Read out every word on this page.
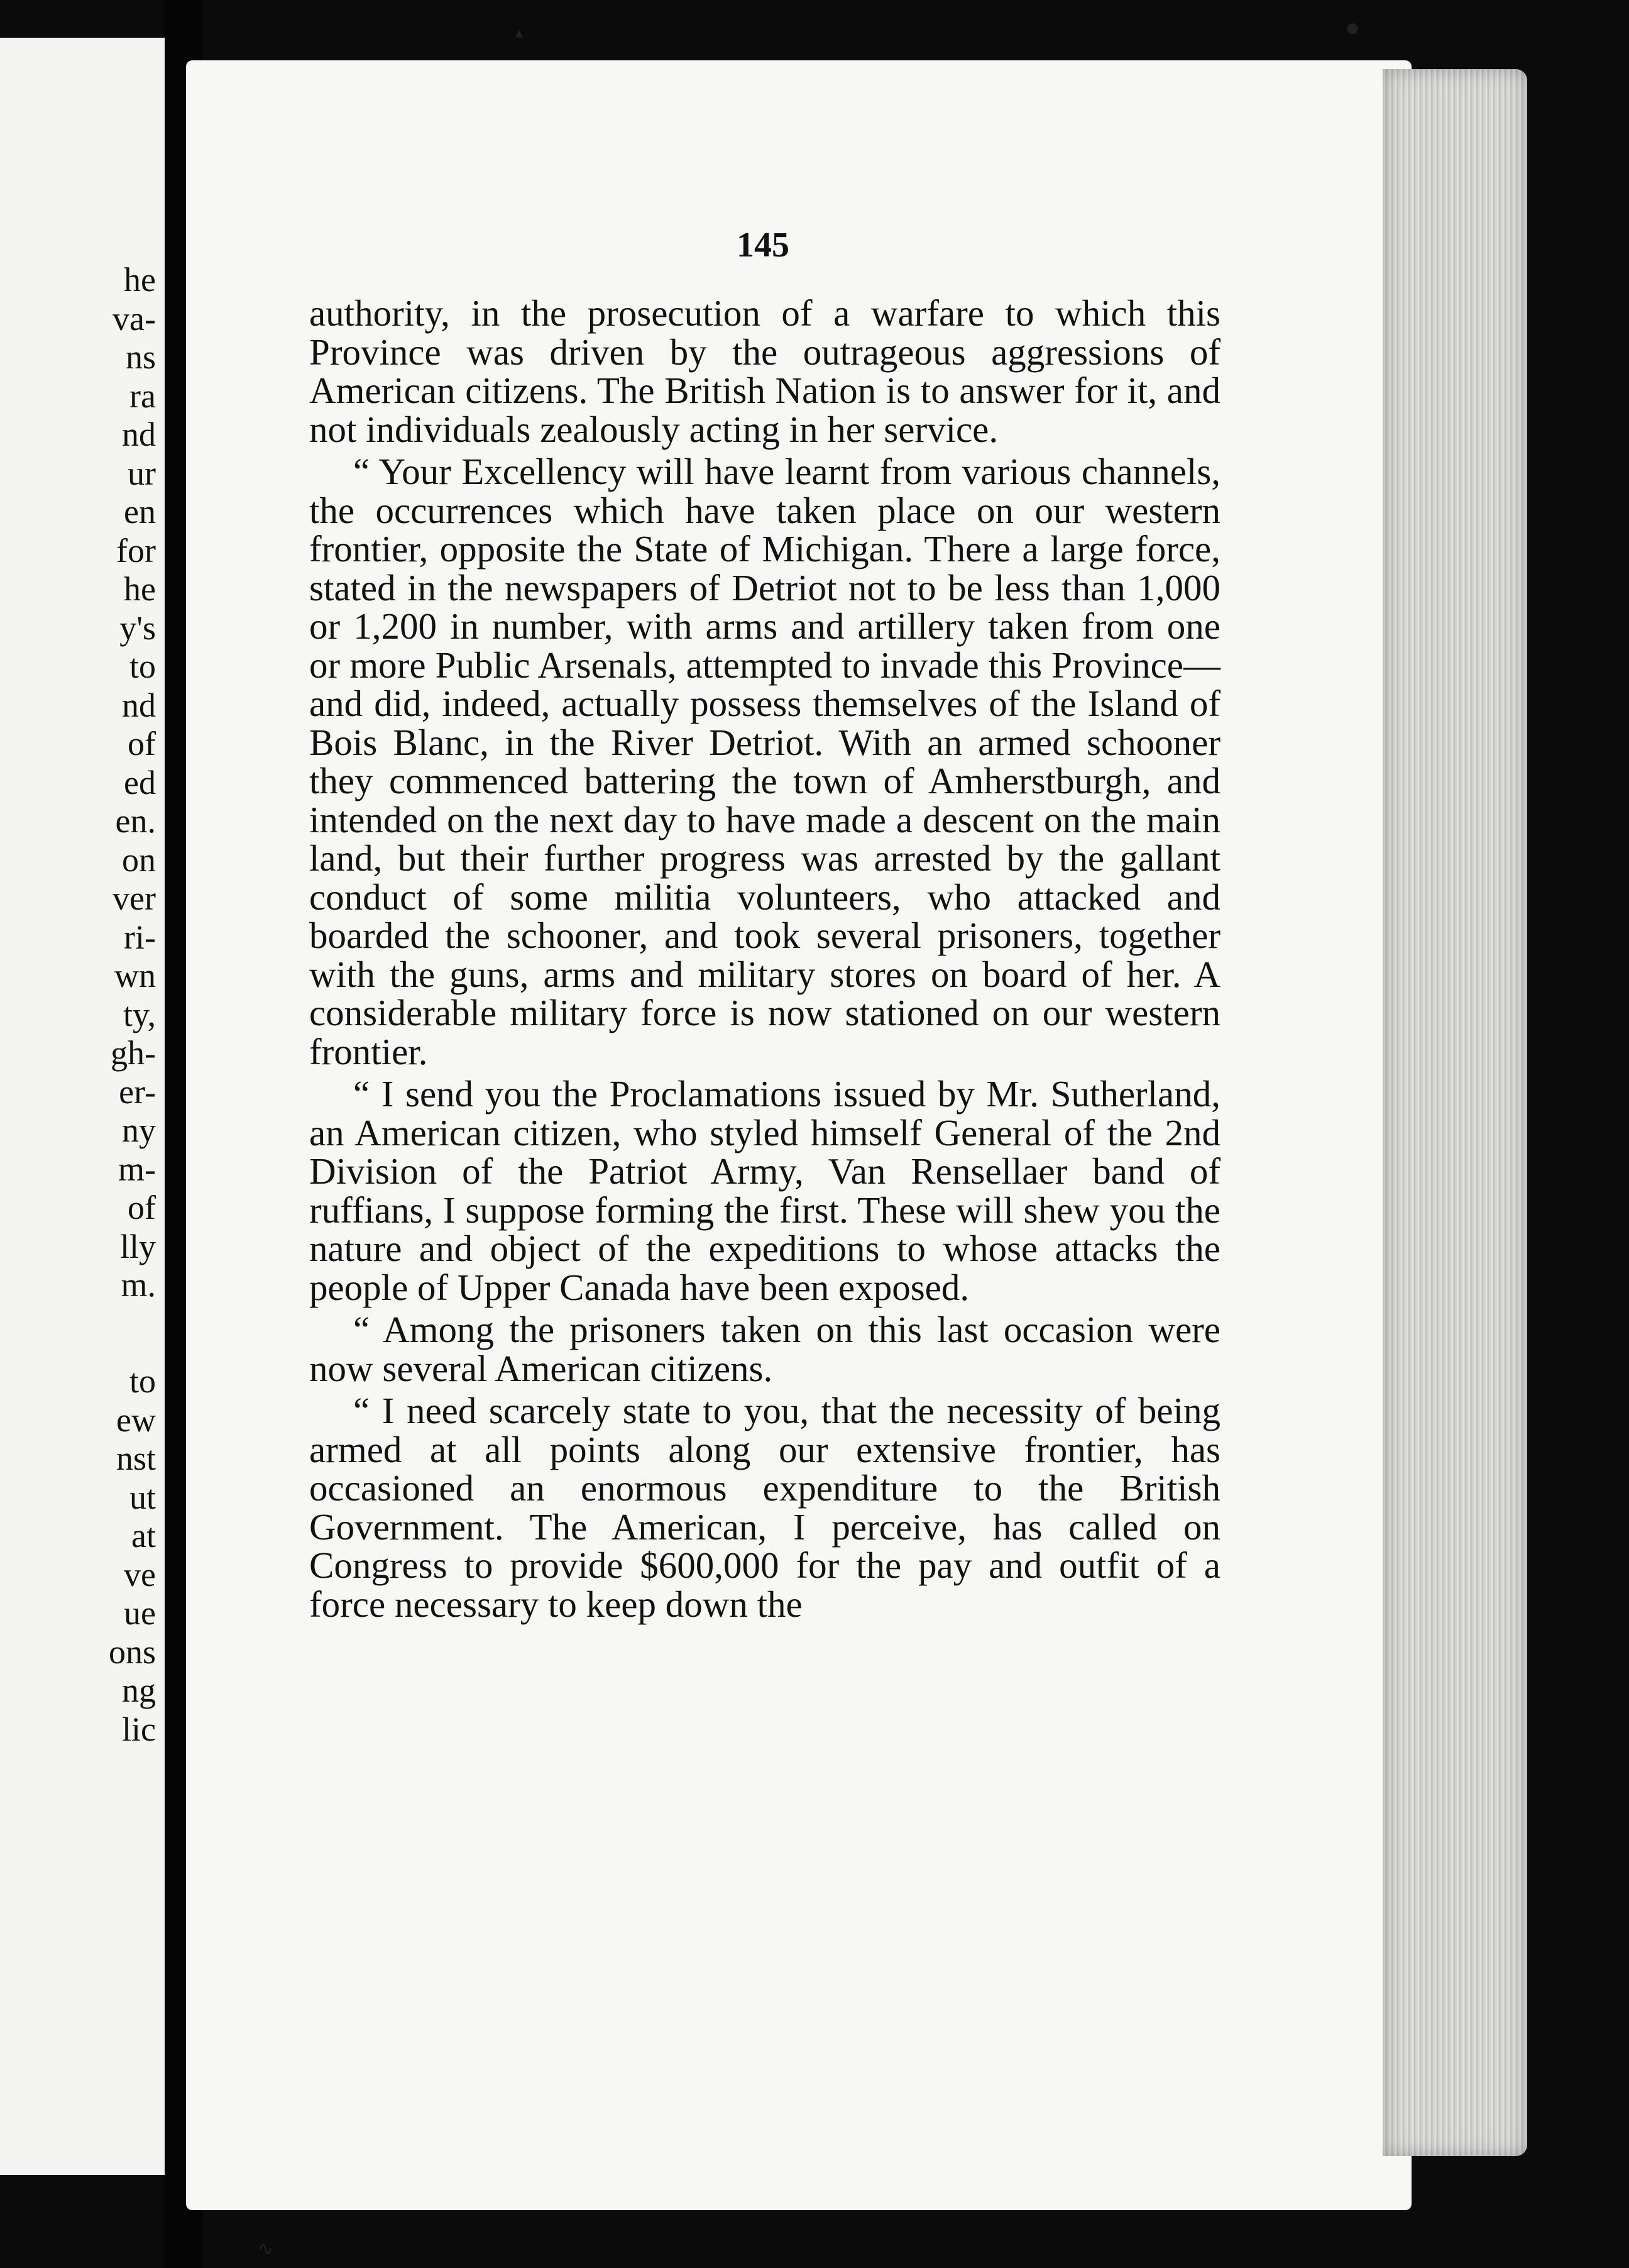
he
va-
ns
ra
nd
ur
en
for
he
y's
to
nd
of
ed
en.
on
ver
ri-
wn
ty,
gh-
er-
ny
m-
of
lly
m.
to
ew
nst
ut
at
ve
ue
ons
ng
lic
145

authority, in the prosecution of a warfare to which this Province was driven by the outrageous aggressions of American citizens. The British Nation is to answer for it, and not individuals zealously acting in her service.

“ Your Excellency will have learnt from various channels, the occurrences which have taken place on our western frontier, opposite the State of Michigan. There a large force, stated in the newspapers of Detriot not to be less than 1,000 or 1,200 in number, with arms and artillery taken from one or more Public Arsenals, attempted to invade this Province—and did, indeed, actually possess themselves of the Island of Bois Blanc, in the River Detriot. With an armed schooner they commenced battering the town of Amherstburgh, and intended on the next day to have made a descent on the main land, but their further progress was arrested by the gallant conduct of some militia volunteers, who attacked and boarded the schooner, and took several prisoners, together with the guns, arms and military stores on board of her. A considerable military force is now stationed on our western frontier.

“ I send you the Proclamations issued by Mr. Sutherland, an American citizen, who styled himself General of the 2nd Division of the Patriot Army, Van Rensellaer band of ruffians, I suppose forming the first. These will shew you the nature and object of the expeditions to whose attacks the people of Upper Canada have been exposed.

“ Among the prisoners taken on this last occasion were now several American citizens.

“ I need scarcely state to you, that the necessity of being armed at all points along our extensive frontier, has occasioned an enormous expenditure to the British Government. The American, I perceive, has called on Congress to provide $600,000 for the pay and outfit of a force necessary to keep down the

●
▴
∿
